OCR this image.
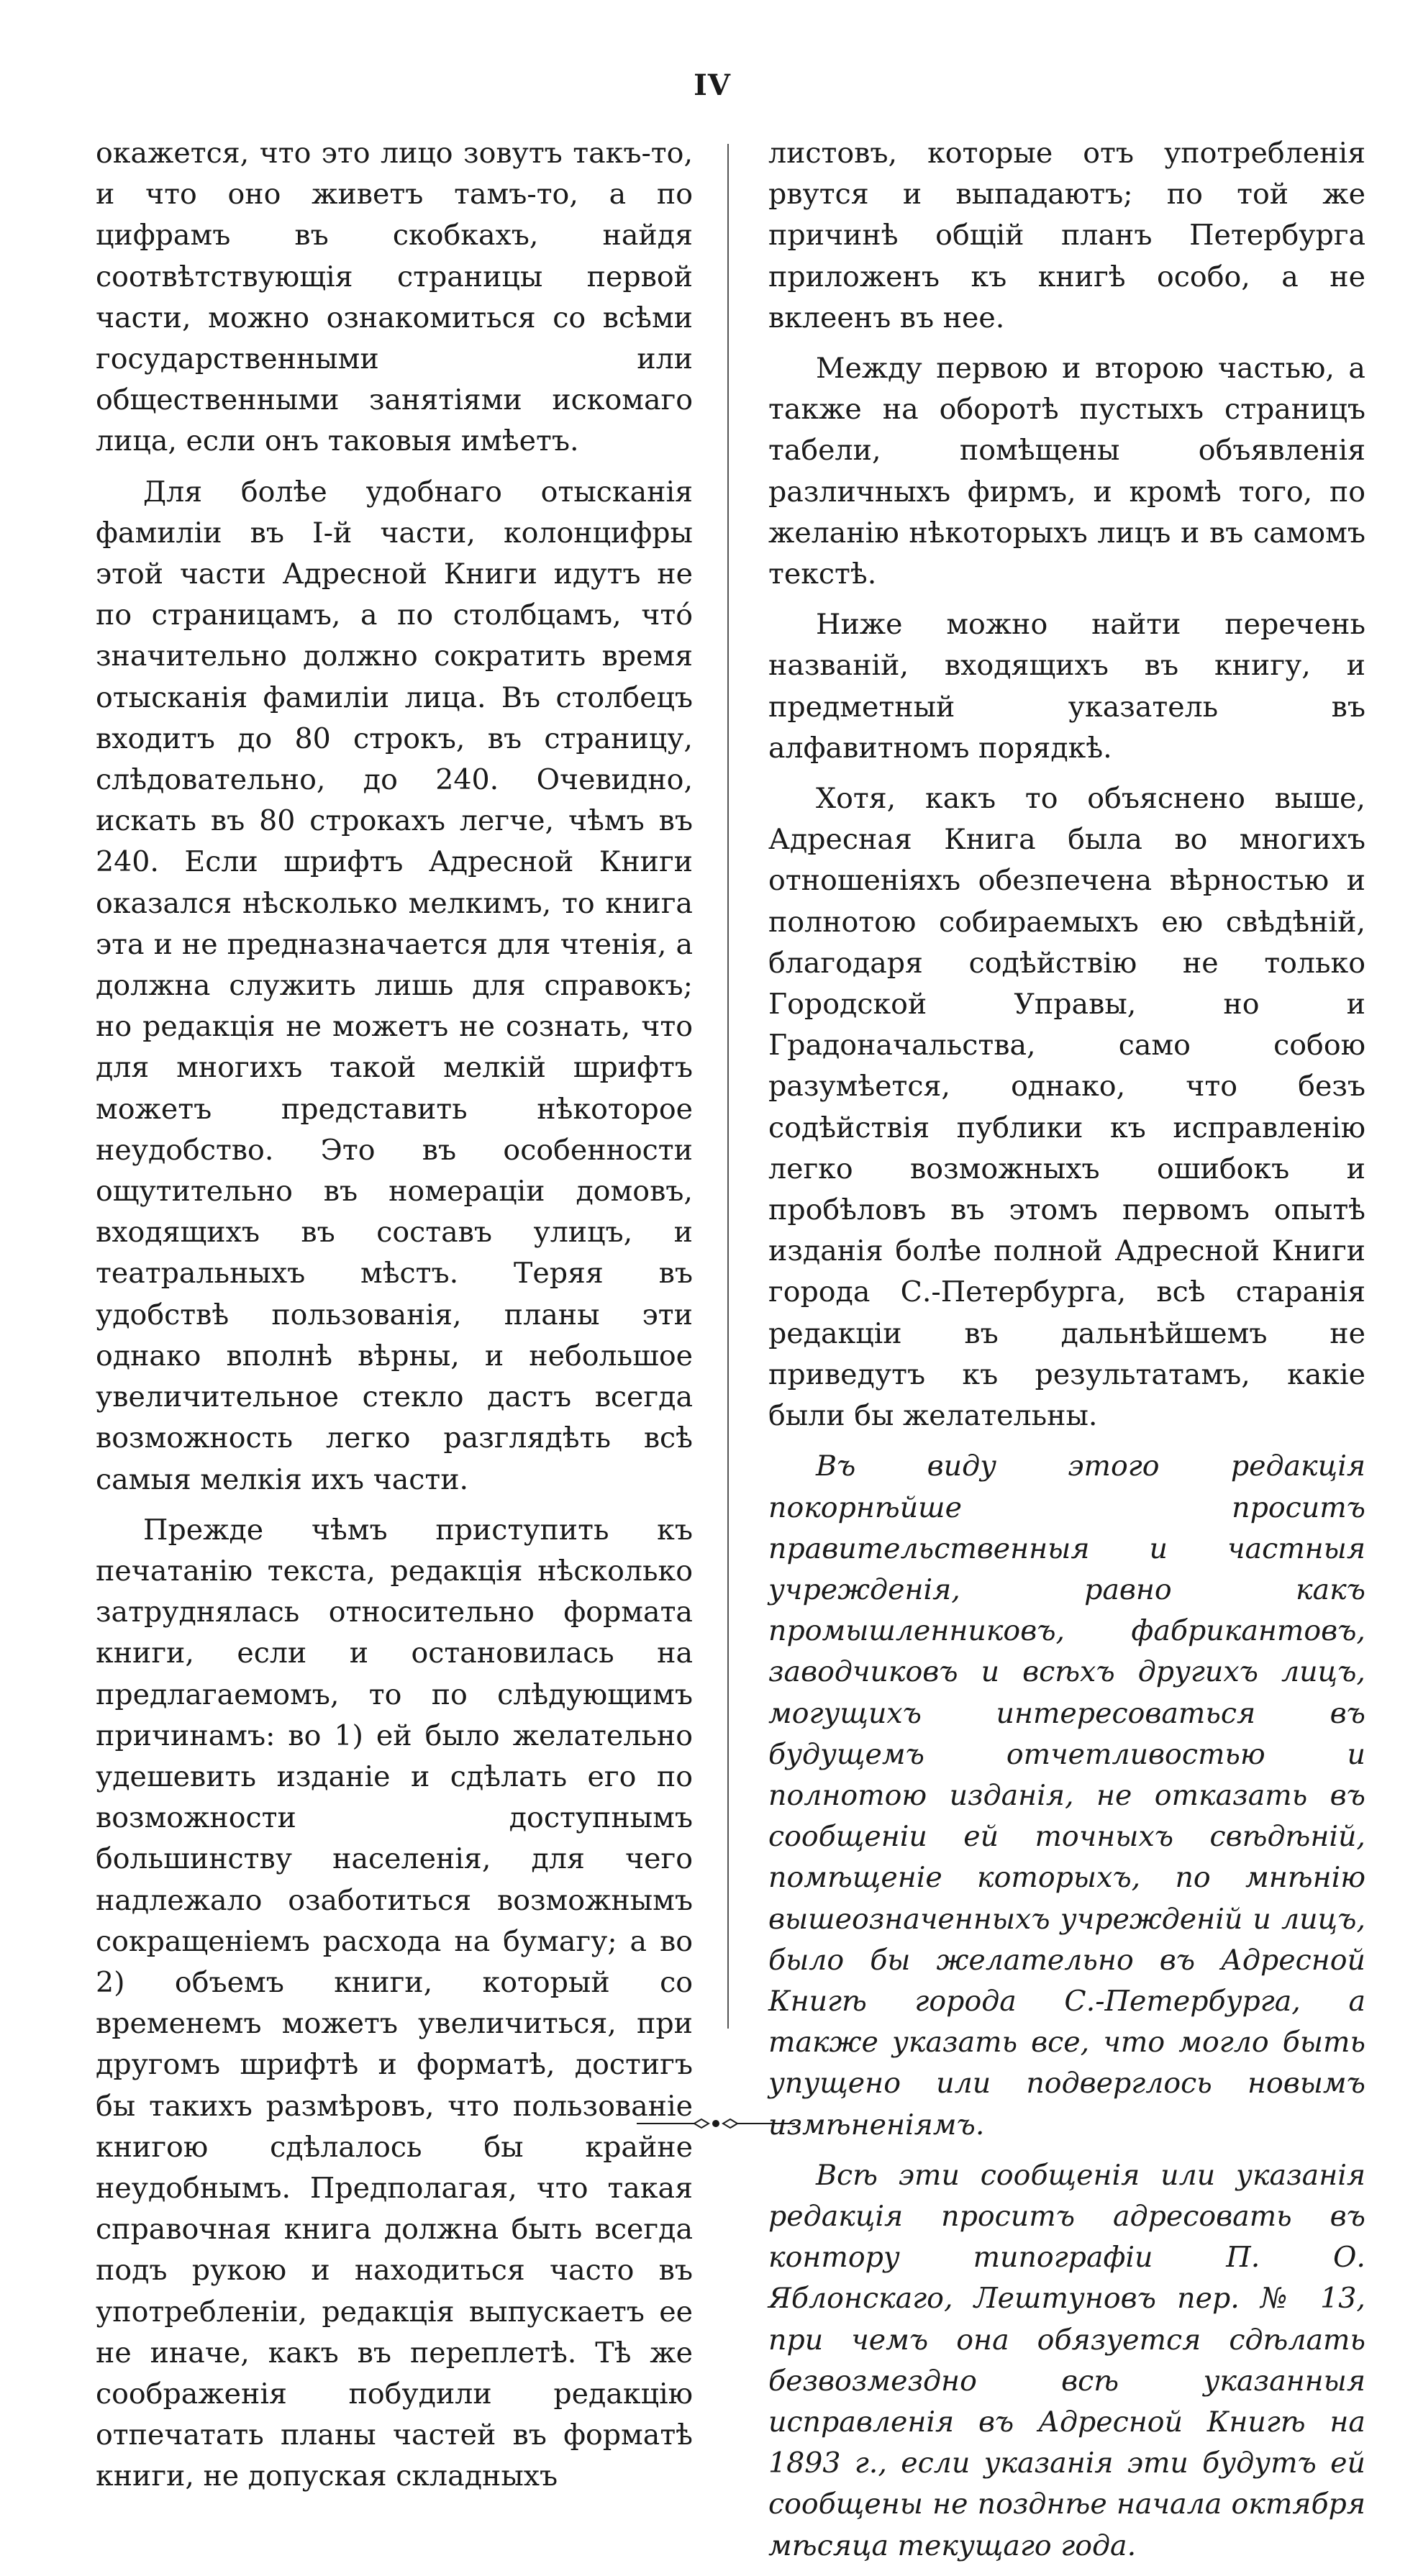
IV

окажется, что это лицо зовутъ такъ-то, и что оно живетъ тамъ-то, а по цифрамъ въ скобкахъ, найдя соотвѣтствующія страницы первой части, можно ознакомиться со всѣми государственными или общественными занятіями искомаго лица, если онъ таковыя имѣетъ.

Для болѣе удобнаго отысканія фамиліи въ І-й части, колонцифры этой части Адресной Книги идутъ не по страницамъ, а по столбцамъ, чтó значительно должно сократить время отысканія фамиліи лица. Въ столбецъ входитъ до 80 строкъ, въ страницу, слѣдовательно, до 240. Очевидно, искать въ 80 строкахъ легче, чѣмъ въ 240. Если шрифтъ Адресной Книги оказался нѣсколько мелкимъ, то книга эта и не предназначается для чтенія, а должна служить лишь для справокъ; но редакція не можетъ не сознать, что для многихъ такой мелкій шрифтъ можетъ представить нѣкоторое неудобство. Это въ особенности ощутительно въ номераціи домовъ, входящихъ въ составъ улицъ, и театральныхъ мѣстъ. Теряя въ удобствѣ пользованія, планы эти однако вполнѣ вѣрны, и небольшое увеличительное стекло дастъ всегда возможность легко разглядѣть всѣ самыя мелкія ихъ части.

Прежде чѣмъ приступить къ печатанію текста, редакція нѣсколько затруднялась относительно формата книги, если и остановилась на предлагаемомъ, то по слѣдующимъ причинамъ: во 1) ей было желательно удешевить изданіе и сдѣлать его по возможности доступнымъ большинству населенія, для чего надлежало озаботиться возможнымъ сокращеніемъ расхода на бумагу; а во 2) объемъ книги, который со временемъ можетъ увеличиться, при другомъ шрифтѣ и форматѣ, достигъ бы такихъ размѣровъ, что пользованіе книгою сдѣлалось бы крайне неудобнымъ. Предполагая, что такая справочная книга должна быть всегда подъ рукою и находиться часто въ употребленіи, редакція выпускаетъ ее не иначе, какъ въ переплетѣ. Тѣ же соображенія побудили редакцію отпечатать планы частей въ форматѣ книги, не допуская складныхъ

листовъ, которые отъ употребленія рвутся и выпадаютъ; по той же причинѣ общій планъ Петербурга приложенъ къ книгѣ особо, а не вклеенъ въ нее.

Между первою и второю частью, а также на оборотѣ пустыхъ страницъ табели, помѣщены объявленія различныхъ фирмъ, и кромѣ того, по желанію нѣкоторыхъ лицъ и въ самомъ текстѣ.

Ниже можно найти перечень названій, входящихъ въ книгу, и предметный указатель въ алфавитномъ порядкѣ.

Хотя, какъ то объяснено выше, Адресная Книга была во многихъ отношеніяхъ обезпечена вѣрностью и полнотою собираемыхъ ею свѣдѣній, благодаря содѣйствію не только Городской Управы, но и Градоначальства, само собою разумѣется, однако, что безъ содѣйствія публики къ исправленію легко возможныхъ ошибокъ и пробѣловъ въ этомъ первомъ опытѣ изданія болѣе полной Адресной Книги города С.-Петербурга, всѣ старанія редакціи въ дальнѣйшемъ не приведутъ къ результатамъ, какіе были бы желательны.

Въ виду этого редакція покорнѣйше проситъ правительственныя и частныя учрежденія, равно какъ промышленниковъ, фабрикантовъ, заводчиковъ и всѣхъ другихъ лицъ, могущихъ интересоваться въ будущемъ отчетливостью и полнотою изданія, не отказать въ сообщеніи ей точныхъ свѣдѣній, помѣщеніе которыхъ, по мнѣнію вышеозначенныхъ учрежденій и лицъ, было бы желательно въ Адресной Книгѣ города С.-Петербурга, а также указать все, что могло быть упущено или подверглось новымъ измѣненіямъ.

Всѣ эти сообщенія или указанія редакція проситъ адресовать въ контору типографіи П. О. Яблонскаго, Лештуновъ пер. № 13, при чемъ она обязуется сдѣлать безвозмездно всѣ указанныя исправленія въ Адресной Книгѣ на 1893 г., если указанія эти будутъ ей сообщены не позднѣе начала октября мѣсяца текущаго года.
